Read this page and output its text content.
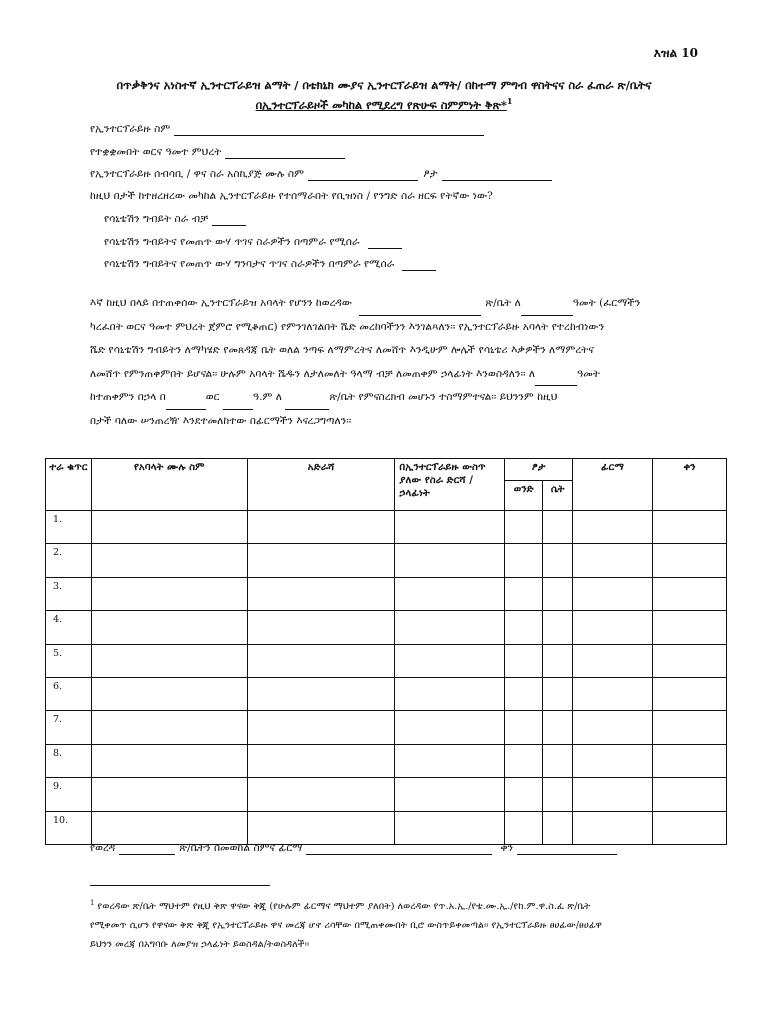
እዝል 10
በጥቃቅንና አነስተኛ ኢንተርፕራይዝ ልማት / በቴክኒክ ሙያና ኢንተርፕራይዝ ልማት/ በከተማ ምግብ ዋስትናና ስራ ፈጠራ ጽ/ቤትና
በኢንተርፕራይዞች መካከል የሚደረግ የጽሁፍ ስምምነት ቅጽ*$^1$
የኢንተርፕራይዙ ስም
የተቋቋመበት ወርና ዓመተ ምህረት
የኢንተርፕራይዙ ሰብሳቢ / ዋና ስራ አስኪያጅ ሙሉ ስም	ፆታ
ከዚህ በታች ከተዘረዘረው መካከል ኢንተርፕራይዙ የተሰማራበት የቢዝነስ / የንግድ ስራ ዘርፍ የትኛው ነው?
የሳኒቴሽን ግብይት ስራ ብቻ
የሳኒቴሽን ግብይትና የመጠጥ ውሃ ጥገና ስራዎችን በጣምራ የሚሰራ
የሳኒቴሽን ግብይትና የመጠጥ ውሃ ግንባታና ጥገና ስራዎችን በጣምራ የሚሰራ
እኛ ከዚህ በላይ በተጠቀሰው ኢንተርፕራይዝ አባላት የሆንን ከወረዳው	ጽ/ቤት ለ	ዓመት (ፈርማችን
ካረፈበት ወርና ዓመተ ምህረት ጀምሮ የሚቆጠር) የምንገለገልበት ሼድ መረከባችንን እንገልጻለን፡፡ የኢንተርፕራይዙ አባላት የተረከብነውን
ሼድ የሳኒቴሽን ግብይትን ለማካሄድ የመጸዳጃ ቤት ወለል ንጣፍ ለማምረትና ለመሸጥ እንዲሁም ሎሌች የሳኒቴሪ እቃዎችን ለማምረትና
ለመሸጥ የምንጠቀምበት ይሆናል፡፡ ሁሉም አባላት ሼዱን ለታለመለት ዓላማ ብቻ ለመጠቀም ኃላፊነት እንወስዳለን፡፡ ለ	ዓመት
ከተጠቀምን በኃላ በ	ወር	ዓ.ም ለ	ጽ/ቤት የምናስረክብ መሆኑን ተስማምተናል፡፡ ይህንንም ከዚህ
በታች ባለው ሠንጠረዥ እንደተመለከተው በፊርማችን እናረጋግጣለን፡፡
ተራ ቁጥር	የአባላት ሙሉ ስም	አድራሻ	በኢንተርፕራይዙ ውስጥ ያለው የስራ ድርሻ / ኃላፊነት	ፆታ		ፊርማ	ቀን
				ወንድ	ሴት		
1.							
2.							
3.							
4.							
5.							
6.							
7.							
8.							
9.							
10.							
የወረዳ	ጽ/ቤትን በመወከል ስምና ፊርማ	ቀን
$^1$ የወረዳው ጽ/ቤት ማህተም የዚህ ቅጽ ዋናው ቅጂ (የሁሉም ፊርማና ማህተም ያለበት) ለወረዳው የጥ.አ.ኢ./የቴ.ሙ.ኢ./የከ.ም.ዋ.ስ.ፈ ጽ/ቤት
የሚቀመጥ ሲሆን የዋናው ቅጽ ቅጂ የኢንተርፕራይዙ ዋና መረጃ ሆኖ ሪሳቸው በሚጠቀሙበት ቢሮ ውስጥይቀመጣል፡፡ የኢንተርፕራይዙ ፀሀፊው/ፀሀፊዋ
ይህንን መረጃ በአግባቡ ለመያዝ ኃላፊነት ይወስዳል/ትወስዳለች፡፡
